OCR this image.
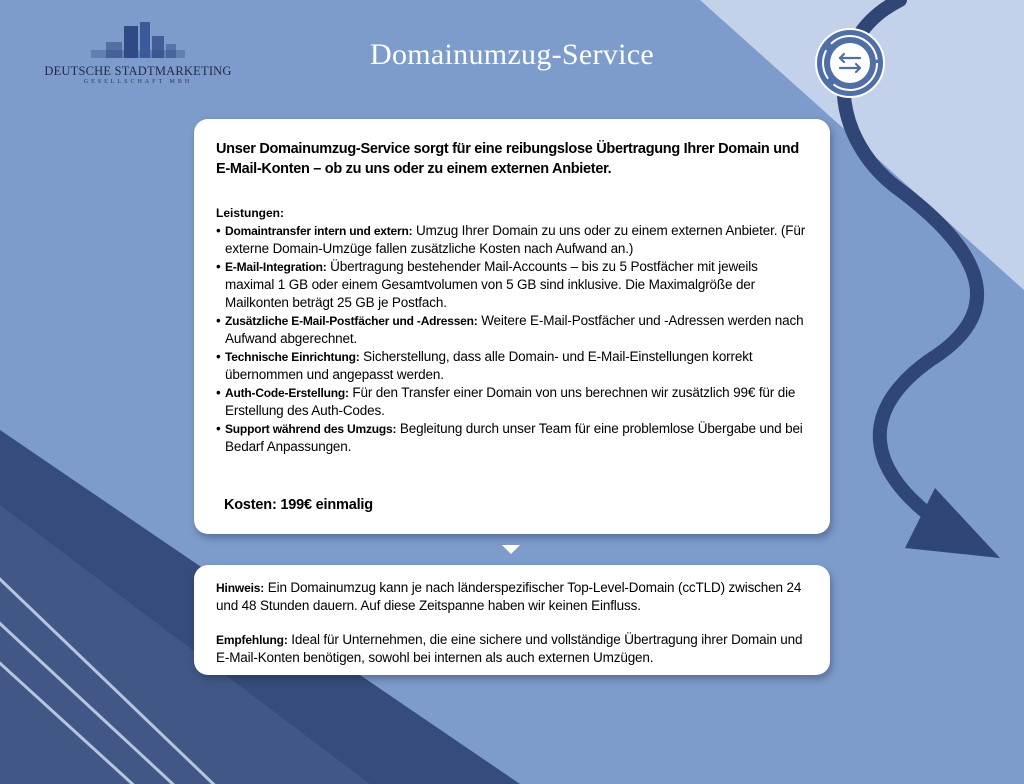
DEUTSCHE STADTMARKETING
GESELLSCHAFT MBH
Domainumzug-Service

Unser Domainumzug-Service sorgt für eine reibungslose Übertragung Ihrer Domain und E-Mail-Konten – ob zu uns oder zu einem externen Anbieter.

Leistungen:

• Domaintransfer intern und extern: Umzug Ihrer Domain zu uns oder zu einem externen Anbieter. (Für externe Domain-Umzüge fallen zusätzliche Kosten nach Aufwand an.)
• E-Mail-Integration: Übertragung bestehender Mail-Accounts – bis zu 5 Postfächer mit jeweils maximal 1 GB oder einem Gesamtvolumen von 5 GB sind inklusive. Die Maximalgröße der Mailkonten beträgt 25 GB je Postfach.
• Zusätzliche E-Mail-Postfächer und -Adressen: Weitere E-Mail-Postfächer und -Adressen werden nach Aufwand abgerechnet.
• Technische Einrichtung: Sicherstellung, dass alle Domain- und E-Mail-Einstellungen korrekt übernommen und angepasst werden.
• Auth-Code-Erstellung: Für den Transfer einer Domain von uns berechnen wir zusätzlich 99€ für die Erstellung des Auth-Codes.
• Support während des Umzugs: Begleitung durch unser Team für eine problemlose Übergabe und bei Bedarf Anpassungen.

Kosten: 199€ einmalig

Hinweis: Ein Domainumzug kann je nach länderspezifischer Top-Level-Domain (ccTLD) zwischen 24 und 48 Stunden dauern. Auf diese Zeitspanne haben wir keinen Einfluss.

Empfehlung: Ideal für Unternehmen, die eine sichere und vollständige Übertragung ihrer Domain und E-Mail-Konten benötigen, sowohl bei internen als auch externen Umzügen.
